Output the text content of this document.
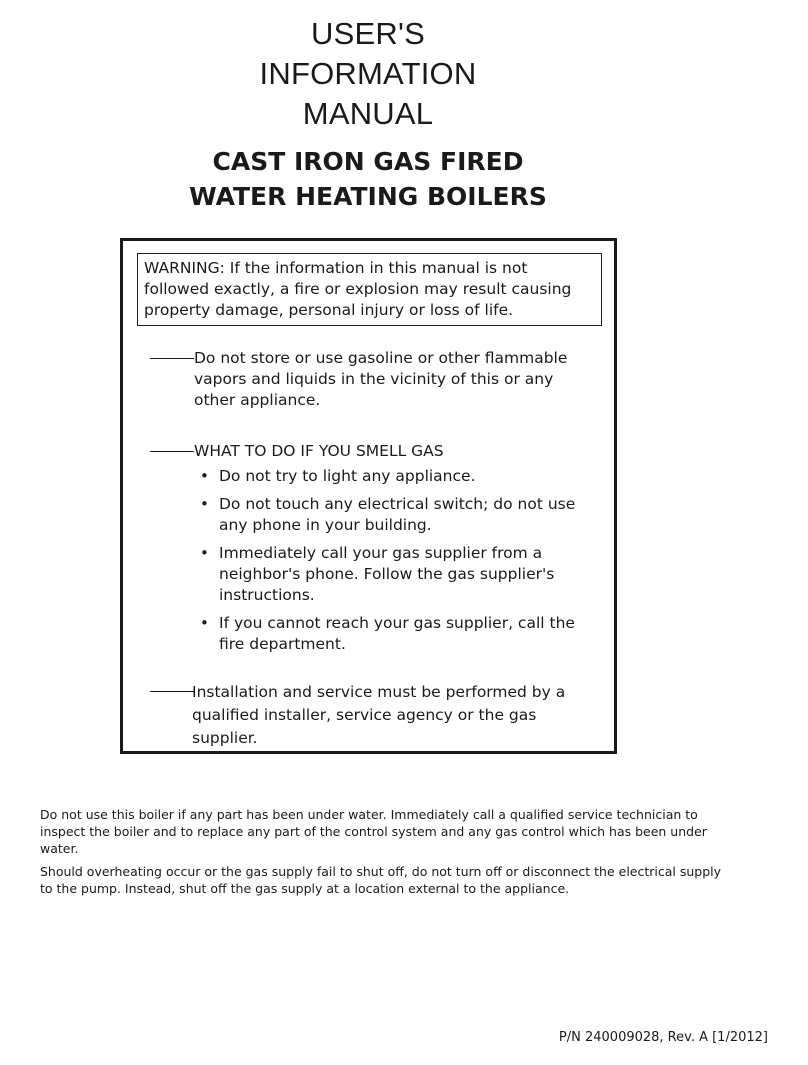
USER'S
INFORMATION
MANUAL
CAST IRON GAS FIRED
WATER HEATING BOILERS
WARNING: If the information in this manual is not followed exactly, a fire or explosion may result causing property damage, personal injury or loss of life.
Do not store or use gasoline or other flammable vapors and liquids in the vicinity of this or any other appliance.
WHAT TO DO IF YOU SMELL GAS
• Do not try to light any appliance.
• Do not touch any electrical switch; do not use any phone in your building.
• Immediately call your gas supplier from a neighbor's phone. Follow the gas supplier's instructions.
• If you cannot reach your gas supplier, call the fire department.
Installation and service must be performed by a qualified installer, service agency or the gas supplier.

Do not use this boiler if any part has been under water. Immediately call a qualified service technician to inspect the boiler and to replace any part of the control system and any gas control which has been under water.

Should overheating occur or the gas supply fail to shut off, do not turn off or disconnect the electrical supply to the pump. Instead, shut off the gas supply at a location external to the appliance.

P/N 240009028, Rev. A [1/2012]
